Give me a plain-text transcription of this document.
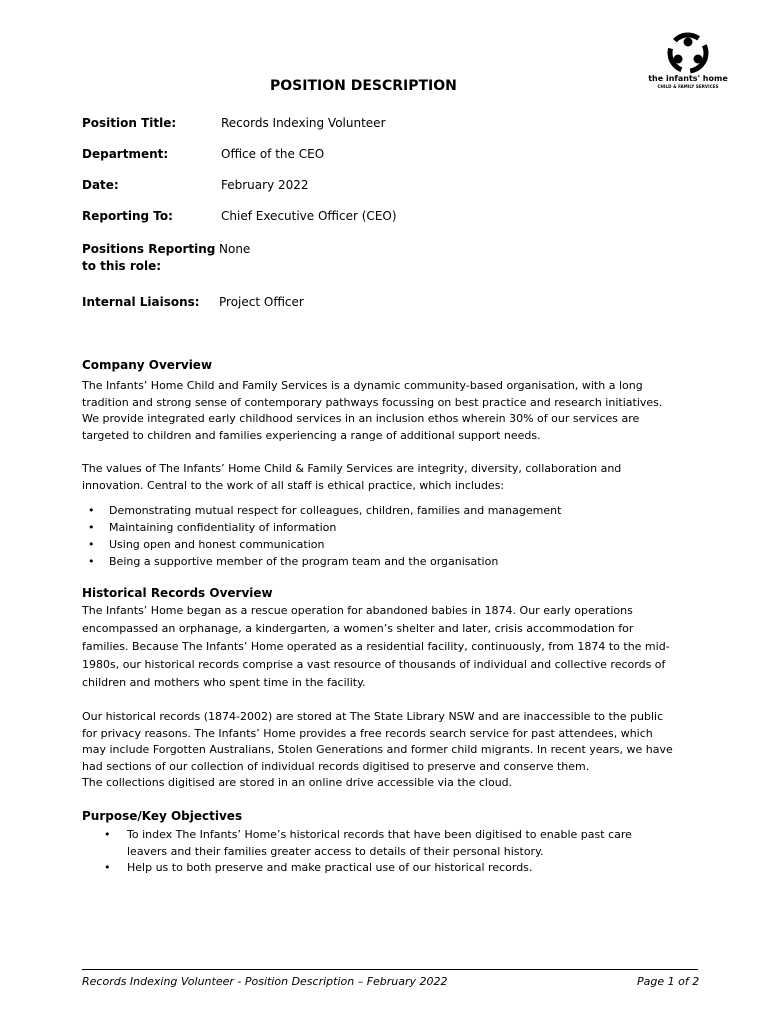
the infants' home
CHILD & FAMILY SERVICES
POSITION DESCRIPTION
Position Title:	Records Indexing Volunteer
Department:	Office of the CEO
Date:	February 2022
Reporting To:	Chief Executive Officer (CEO)
Positions Reporting
to this role:
None
Internal Liaisons: Project Officer
Company Overview
The Infants’ Home Child and Family Services is a dynamic community-based organisation, with a long
tradition and strong sense of contemporary pathways focussing on best practice and research initiatives.
We provide integrated early childhood services in an inclusion ethos wherein 30% of our services are
targeted to children and families experiencing a range of additional support needs.
The values of The Infants’ Home Child & Family Services are integrity, diversity, collaboration and
innovation. Central to the work of all staff is ethical practice, which includes:
• Demonstrating mutual respect for colleagues, children, families and management
• Maintaining confidentiality of information
• Using open and honest communication
• Being a supportive member of the program team and the organisation
Historical Records Overview
The Infants’ Home began as a rescue operation for abandoned babies in 1874. Our early operations
encompassed an orphanage, a kindergarten, a women’s shelter and later, crisis accommodation for
families. Because The Infants’ Home operated as a residential facility, continuously, from 1874 to the mid-
1980s, our historical records comprise a vast resource of thousands of individual and collective records of
children and mothers who spent time in the facility.
Our historical records (1874-2002) are stored at The State Library NSW and are inaccessible to the public
for privacy reasons. The Infants’ Home provides a free records search service for past attendees, which
may include Forgotten Australians, Stolen Generations and former child migrants. In recent years, we have
had sections of our collection of individual records digitised to preserve and conserve them.
The collections digitised are stored in an online drive accessible via the cloud.
Purpose/Key Objectives
•	To index The Infants’ Home’s historical records that have been digitised to enable past care
leavers and their families greater access to details of their personal history.
•	Help us to both preserve and make practical use of our historical records.
Records Indexing Volunteer - Position Description – February 2022	Page 1 of 2
